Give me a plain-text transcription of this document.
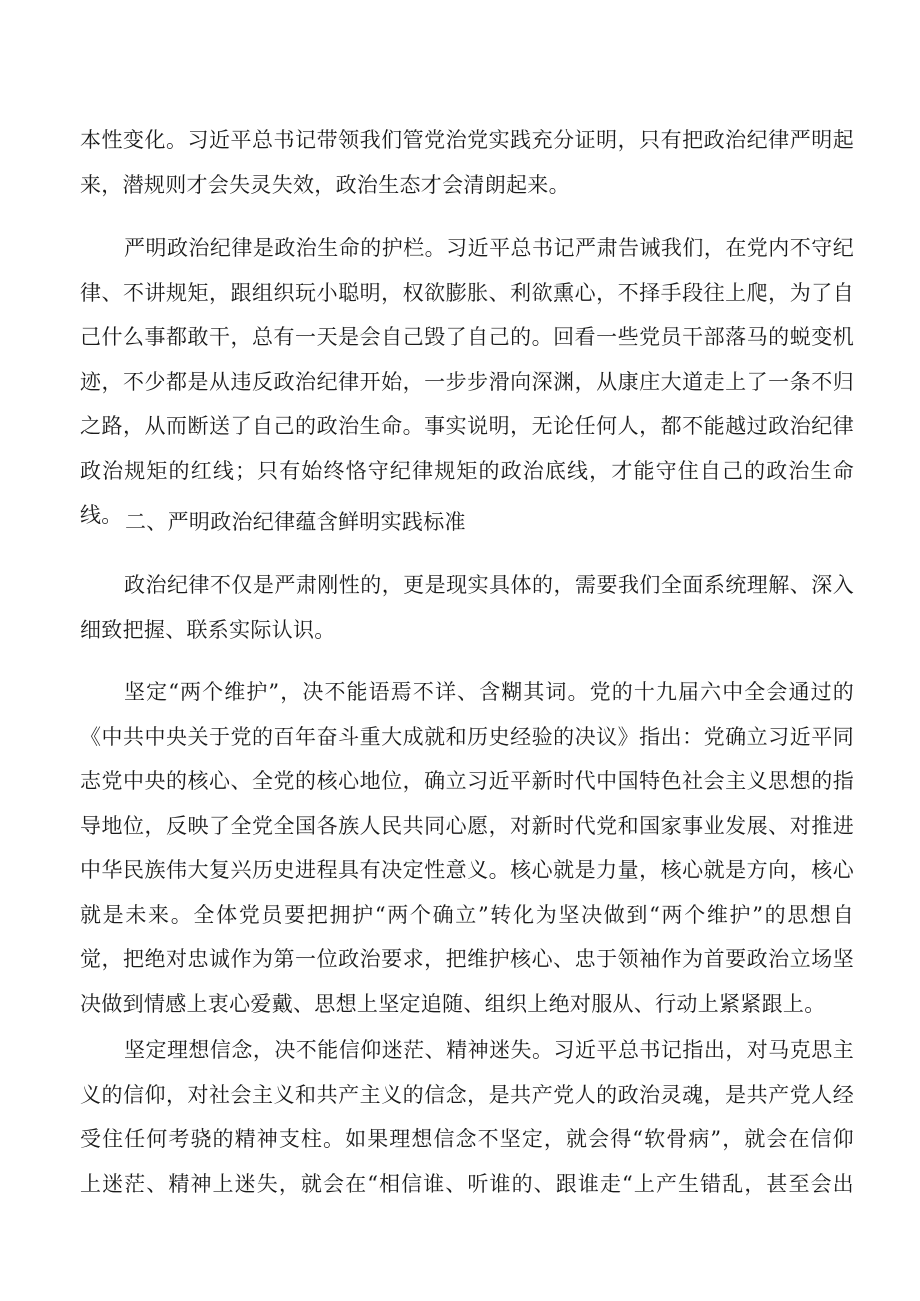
本性变化。习近平总书记带领我们管党治党实践充分证明，只有把政治纪律严明起
来，潜规则才会失灵失效，政治生态才会清朗起来。
严明政治纪律是政治生命的护栏。习近平总书记严肃告诫我们，在党内不守纪
律、不讲规矩，跟组织玩小聪明，权欲膨胀、利欲熏心，不择手段往上爬，为了自
己什么事都敢干，总有一天是会自己毁了自己的。回看一些党员干部落马的蜕变机
迹，不少都是从违反政治纪律开始，一步步滑向深渊，从康庄大道走上了一条不归
之路，从而断送了自己的政治生命。事实说明，无论任何人，都不能越过政治纪律
政治规矩的红线；只有始终恪守纪律规矩的政治底线，才能守住自己的政治生命线。 二、严明政治纪律蕴含鲜明实践标准
政治纪律不仅是严肃刚性的，更是现实具体的，需要我们全面系统理解、深入
细致把握、联系实际认识。
坚定“两个维护”，决不能语焉不详、含糊其词。党的十九届六中全会通过的
《中共中央关于党的百年奋斗重大成就和历史经验的决议》指出：党确立习近平同
志党中央的核心、全党的核心地位，确立习近平新时代中国特色社会主义思想的指
导地位，反映了全党全国各族人民共同心愿，对新时代党和国家事业发展、对推进
中华民族伟大复兴历史进程具有决定性意义。核心就是力量，核心就是方向，核心
就是未来。全体党员要把拥护“两个确立”转化为坚决做到“两个维护”的思想自
觉，把绝对忠诚作为第一位政治要求，把维护核心、忠于领袖作为首要政治立场坚
决做到情感上衷心爱戴、思想上坚定追随、组织上绝对服从、行动上紧紧跟上。
坚定理想信念，决不能信仰迷茫、精神迷失。习近平总书记指出，对马克思主
义的信仰，对社会主义和共产主义的信念，是共产党人的政治灵魂，是共产党人经
受住任何考骁的精神支柱。如果理想信念不坚定，就会得“软骨病”，就会在信仰
上迷茫、精神上迷失，就会在“相信谁、听谁的、跟谁走“上产生错乱，甚至会出
